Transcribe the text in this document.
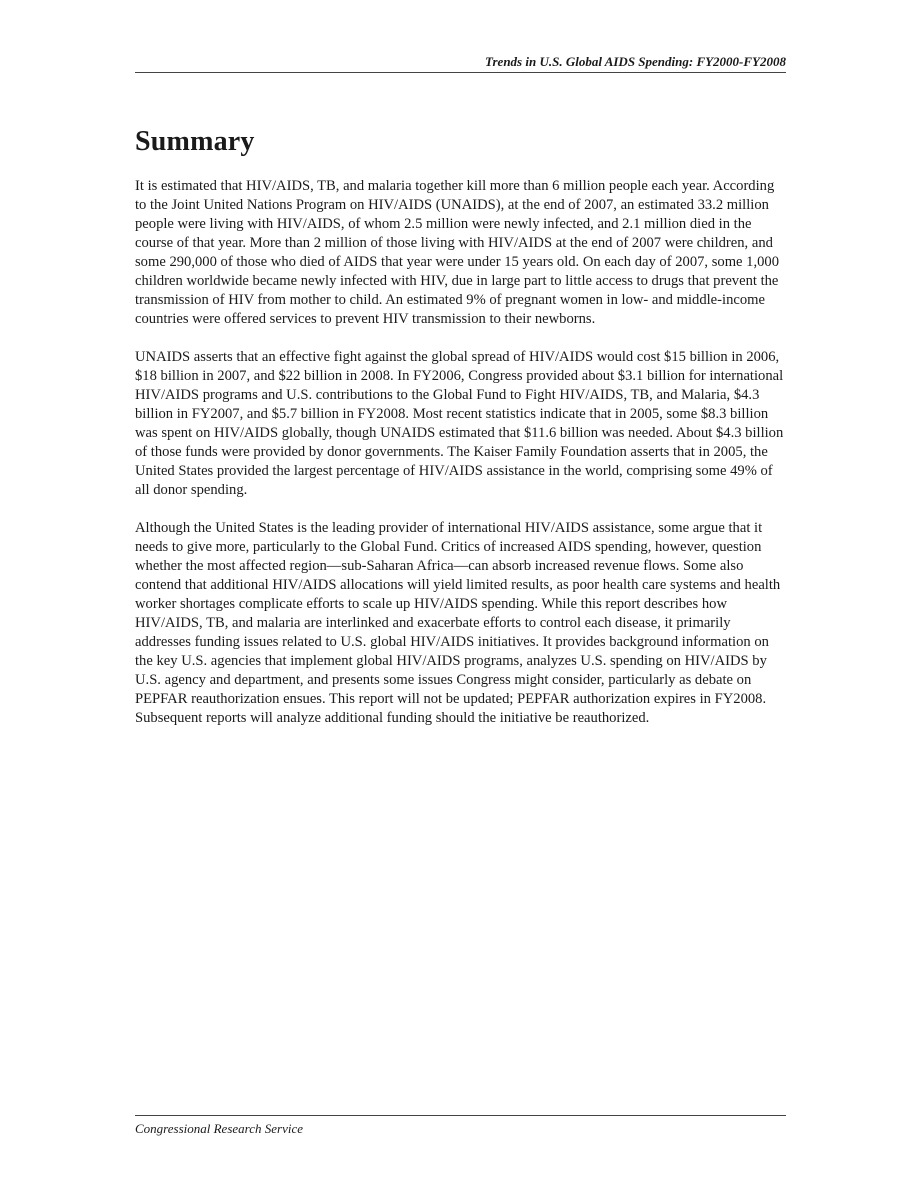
Trends in U.S. Global AIDS Spending: FY2000-FY2008
Summary

It is estimated that HIV/AIDS, TB, and malaria together kill more than 6 million people each year. According to the Joint United Nations Program on HIV/AIDS (UNAIDS), at the end of 2007, an estimated 33.2 million people were living with HIV/AIDS, of whom 2.5 million were newly infected, and 2.1 million died in the course of that year. More than 2 million of those living with HIV/AIDS at the end of 2007 were children, and some 290,000 of those who died of AIDS that year were under 15 years old. On each day of 2007, some 1,000 children worldwide became newly infected with HIV, due in large part to little access to drugs that prevent the transmission of HIV from mother to child. An estimated 9% of pregnant women in low- and middle-income countries were offered services to prevent HIV transmission to their newborns.

UNAIDS asserts that an effective fight against the global spread of HIV/AIDS would cost $15 billion in 2006, $18 billion in 2007, and $22 billion in 2008. In FY2006, Congress provided about $3.1 billion for international HIV/AIDS programs and U.S. contributions to the Global Fund to Fight HIV/AIDS, TB, and Malaria, $4.3 billion in FY2007, and $5.7 billion in FY2008. Most recent statistics indicate that in 2005, some $8.3 billion was spent on HIV/AIDS globally, though UNAIDS estimated that $11.6 billion was needed. About $4.3 billion of those funds were provided by donor governments. The Kaiser Family Foundation asserts that in 2005, the United States provided the largest percentage of HIV/AIDS assistance in the world, comprising some 49% of all donor spending.

Although the United States is the leading provider of international HIV/AIDS assistance, some argue that it needs to give more, particularly to the Global Fund. Critics of increased AIDS spending, however, question whether the most affected region—sub-Saharan Africa—can absorb increased revenue flows. Some also contend that additional HIV/AIDS allocations will yield limited results, as poor health care systems and health worker shortages complicate efforts to scale up HIV/AIDS spending. While this report describes how HIV/AIDS, TB, and malaria are interlinked and exacerbate efforts to control each disease, it primarily addresses funding issues related to U.S. global HIV/AIDS initiatives. It provides background information on the key U.S. agencies that implement global HIV/AIDS programs, analyzes U.S. spending on HIV/AIDS by U.S. agency and department, and presents some issues Congress might consider, particularly as debate on PEPFAR reauthorization ensues. This report will not be updated; PEPFAR authorization expires in FY2008. Subsequent reports will analyze additional funding should the initiative be reauthorized.

Congressional Research Service
